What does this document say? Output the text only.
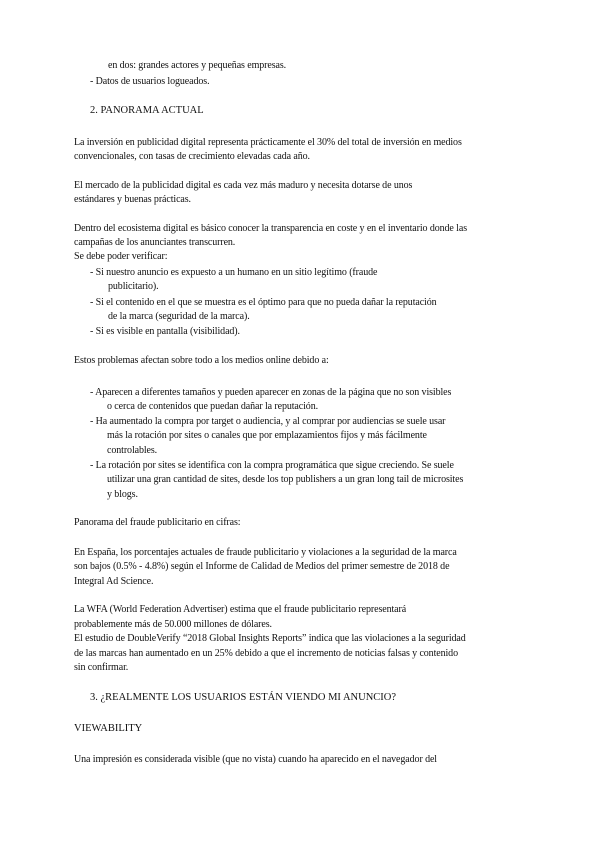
en dos: grandes actores y pequeñas empresas.
- Datos de usuarios logueados.
2. PANORAMA ACTUAL
La inversión en publicidad digital representa prácticamente el 30% del total de inversión en medios
convencionales, con tasas de crecimiento elevadas cada año.
El mercado de la publicidad digital es cada vez más maduro y necesita dotarse de unos
estándares y buenas prácticas.
Dentro del ecosistema digital es básico conocer la transparencia en coste y en el inventario donde las
campañas de los anunciantes transcurren.
Se debe poder verificar:
- Si nuestro anuncio es expuesto a un humano en un sitio legítimo (fraude
publicitario).
- Si el contenido en el que se muestra es el óptimo para que no pueda dañar la reputación
de la marca (seguridad de la marca).
- Si es visible en pantalla (visibilidad).
Estos problemas afectan sobre todo a los medios online debido a:
- Aparecen a diferentes tamaños y pueden aparecer en zonas de la página que no son visibles
o cerca de contenidos que puedan dañar la reputación.
- Ha aumentado la compra por target o audiencia, y al comprar por audiencias se suele usar
más la rotación por sites o canales que por emplazamientos fijos y más fácilmente
controlables.
- La rotación por sites se identifica con la compra programática que sigue creciendo. Se suele
utilizar una gran cantidad de sites, desde los top publishers a un gran long tail de microsites
y blogs.
Panorama del fraude publicitario en cifras:
En España, los porcentajes actuales de fraude publicitario y violaciones a la seguridad de la marca
son bajos (0.5% - 4.8%) según el Informe de Calidad de Medios del primer semestre de 2018 de
Integral Ad Science.
La WFA (World Federation Advertiser) estima que el fraude publicitario representará
probablemente más de 50.000 millones de dólares.
El estudio de DoubleVerify “2018 Global Insights Reports” indica que las violaciones a la seguridad
de las marcas han aumentado en un 25% debido a que el incremento de noticias falsas y contenido
sin confirmar.
3. ¿REALMENTE LOS USUARIOS ESTÁN VIENDO MI ANUNCIO?
VIEWABILITY
Una impresión es considerada visible (que no vista) cuando ha aparecido en el navegador del
